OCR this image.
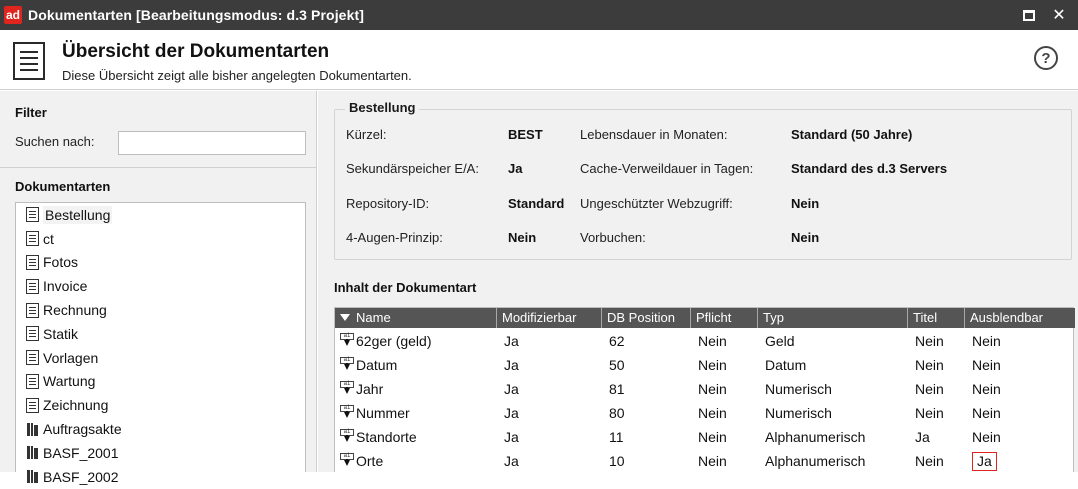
ad Dokumentarten [Bearbeitungsmodus: d.3 Projekt]	✕
Übersicht der Dokumentarten
Diese Übersicht zeigt alle bisher angelegten Dokumentarten.
?
Filter
Suchen nach:
Dokumentarten
Bestellung
ct
Fotos
Invoice
Rechnung
Statik
Vorlagen
Wartung
Zeichnung
Auftragsakte
BASF_2001
BASF_2002
Bestellung
Kürzel:	BEST
Sekundärspeicher E/A: Ja
Repository-ID:	Standard
4-Augen-Prinzip:	Nein
Lebensdauer in Monaten:	Standard (50 Jahre)
Cache-Verweildauer in Tagen:	Standard des d.3 Servers
Ungeschützter Webzugriff:	Nein
Vorbuchen:	Nein
Inhalt der Dokumentart
Name	Modifizierbar	DB Position	Pflicht	Typ	Titel	Ausblendbar
a1 62ger (geld)	Ja	62	Nein	Geld	Nein	Nein
a1 Datum	Ja	50	Nein	Datum	Nein	Nein
a1 Jahr	Ja	81	Nein	Numerisch	Nein	Nein
a1 Nummer	Ja	80	Nein	Numerisch	Nein	Nein
a1 Standorte	Ja	11	Nein	Alphanumerisch	Ja	Nein
a1 Orte	Ja	10	Nein	Alphanumerisch	Nein	Ja
